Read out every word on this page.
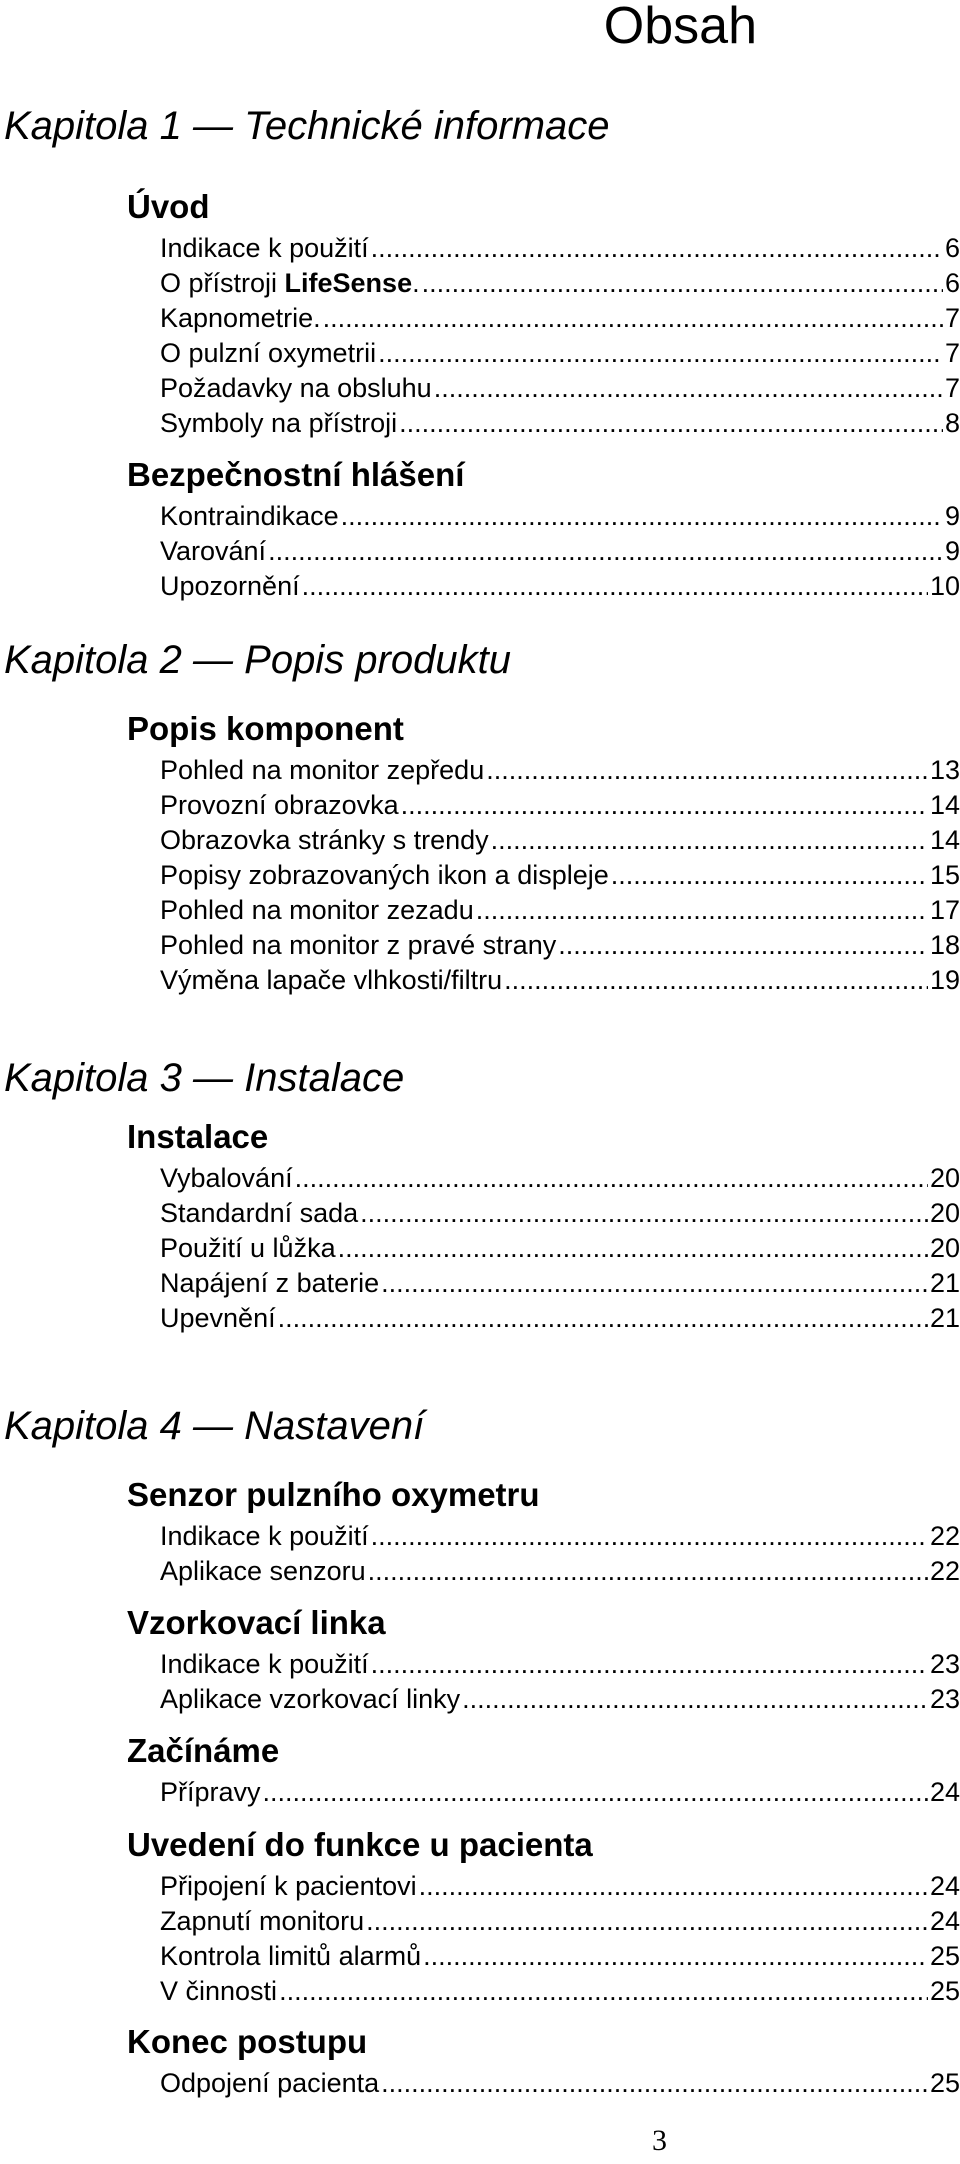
Obsah
Kapitola 1 — Technické informace
Úvod
Indikace k použití .....	6
O přístroji LifeSense. .....	6
Kapnometrie. .....	7
O pulzní oxymetrii .....	7
Požadavky na obsluhu .....	7
Symboly na přístroji .....	8
Bezpečnostní hlášení
Kontraindikace .....	9
Varování .....	9
Upozornění .....	10
Kapitola 2 — Popis produktu
Popis komponent
Pohled na monitor zepředu .....	13
Provozní obrazovka .....	14
Obrazovka stránky s trendy .....	14
Popisy zobrazovaných ikon a displeje .....	15
Pohled na monitor zezadu .....	17
Pohled na monitor z pravé strany .....	18
Výměna lapače vlhkosti/filtru .....	19
Kapitola 3 — Instalace
Instalace
Vybalování .....	20
Standardní sada .....	20
Použití u lůžka .....	20
Napájení z baterie .....	21
Upevnění .....	21
Kapitola 4 — Nastavení
Senzor pulzního oxymetru
Indikace k použití .....	22
Aplikace senzoru .....	22
Vzorkovací linka
Indikace k použití .....	23
Aplikace vzorkovací linky .....	23
Začínáme
Přípravy .....	24
Uvedení do funkce u pacienta
Připojení k pacientovi .....	24
Zapnutí monitoru .....	24
Kontrola limitů alarmů .....	25
V činnosti .....	25
Konec postupu
Odpojení pacienta .....	25
3
